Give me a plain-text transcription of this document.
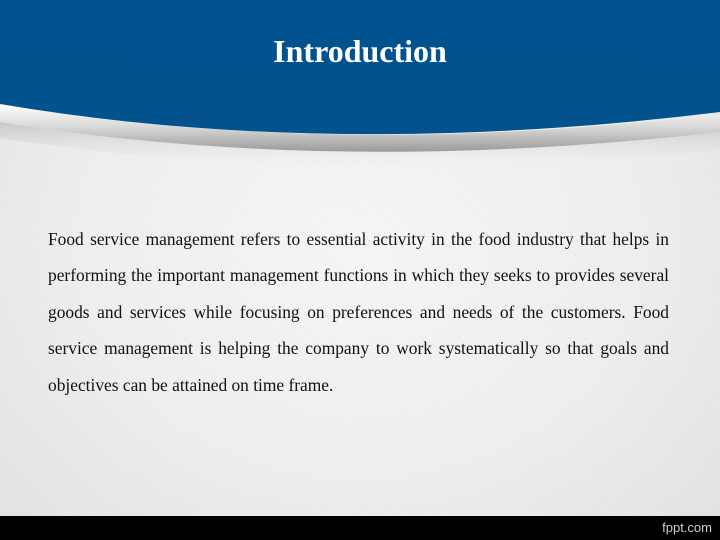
Introduction

Food service management refers to essential activity in the food industry that helps in performing the important management functions in which they seeks to provides several goods and services while focusing on preferences and needs of the customers. Food service management is helping the company to work systematically so that goals and objectives can be attained on time frame.

fppt.com
